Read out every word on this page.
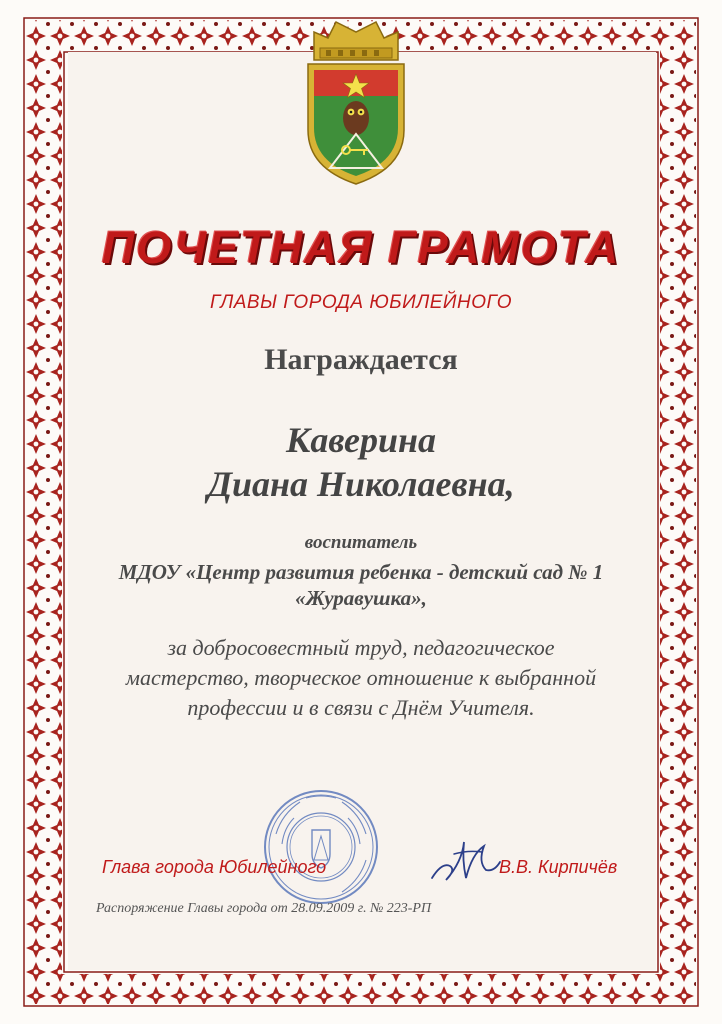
ПОЧЕТНАЯ ГРАМОТА
ГЛАВЫ ГОРОДА ЮБИЛЕЙНОГО
Награждается
Каверина
Диана Николаевна,
воспитатель
МДОУ «Центр развития ребенка - детский сад № 1
«Журавушка»,
за добросовестный труд, педагогическое
мастерство, творческое отношение к выбранной
профессии и в связи с Днём Учителя.
Глава города Юбилейного	В.В. Кирпичёв
Распоряжение Главы города от 28.09.2009 г. № 223-РП
